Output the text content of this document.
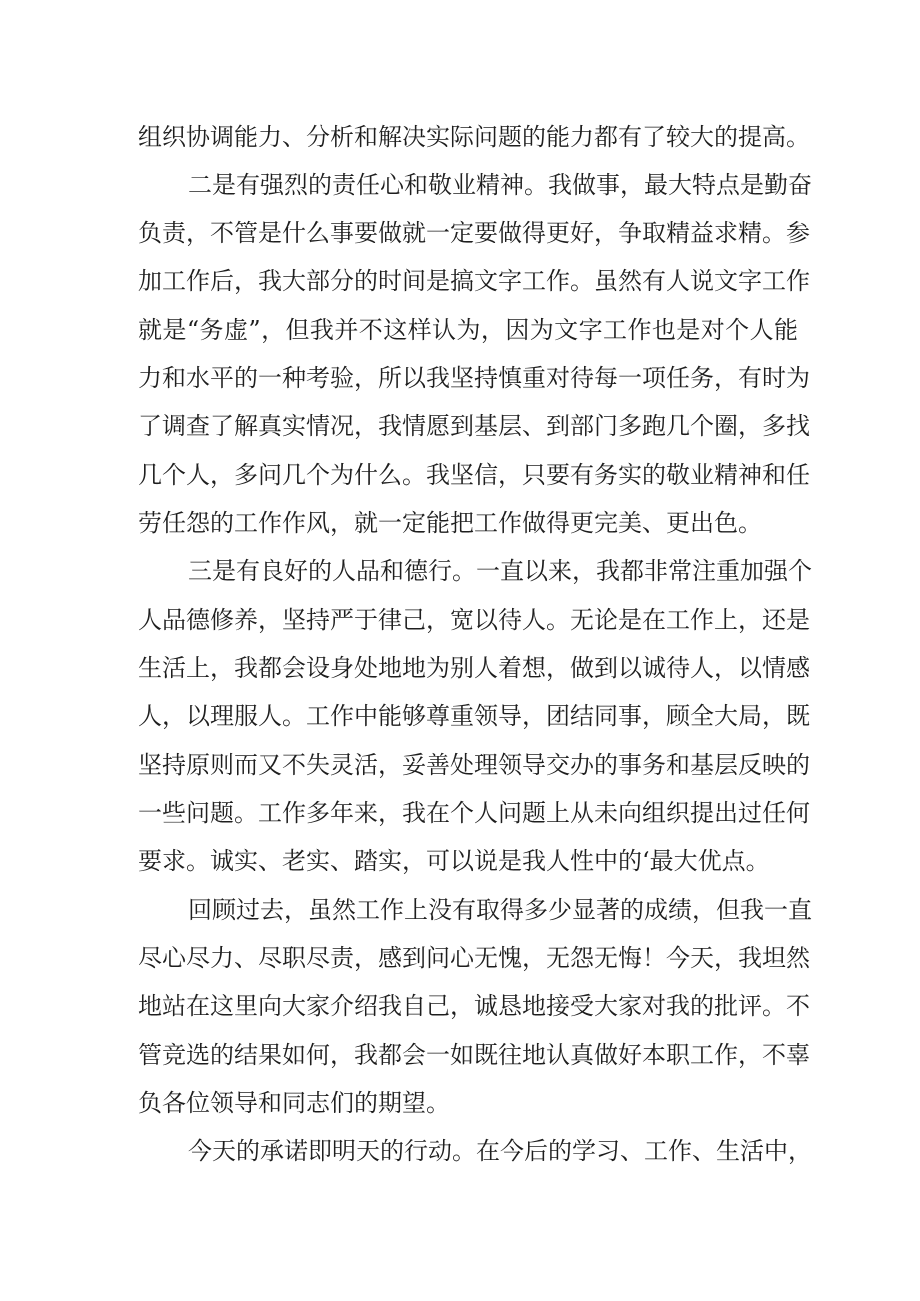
组织协调能力、分析和解决实际问题的能力都有了较大的提高。
二是有强烈的责任心和敬业精神。我做事，最大特点是勤奋
负责，不管是什么事要做就一定要做得更好，争取精益求精。参
加工作后，我大部分的时间是搞文字工作。虽然有人说文字工作
就是“务虚”，但我并不这样认为，因为文字工作也是对个人能
力和水平的一种考验，所以我坚持慎重对待每一项任务，有时为
了调查了解真实情况，我情愿到基层、到部门多跑几个圈，多找
几个人，多问几个为什么。我坚信，只要有务实的敬业精神和任
劳任怨的工作作风，就一定能把工作做得更完美、更出色。
三是有良好的人品和德行。一直以来，我都非常注重加强个
人品德修养，坚持严于律己，宽以待人。无论是在工作上，还是
生活上，我都会设身处地地为别人着想，做到以诚待人，以情感
人，以理服人。工作中能够尊重领导，团结同事，顾全大局，既
坚持原则而又不失灵活，妥善处理领导交办的事务和基层反映的
一些问题。工作多年来，我在个人问题上从未向组织提出过任何
要求。诚实、老实、踏实，可以说是我人性中的‘最大优点。
回顾过去，虽然工作上没有取得多少显著的成绩，但我一直
尽心尽力、尽职尽责，感到问心无愧，无怨无悔！今天，我坦然
地站在这里向大家介绍我自己，诚恳地接受大家对我的批评。不
管竞选的结果如何，我都会一如既往地认真做好本职工作，不辜
负各位领导和同志们的期望。
今天的承诺即明天的行动。在今后的学习、工作、生活中，
